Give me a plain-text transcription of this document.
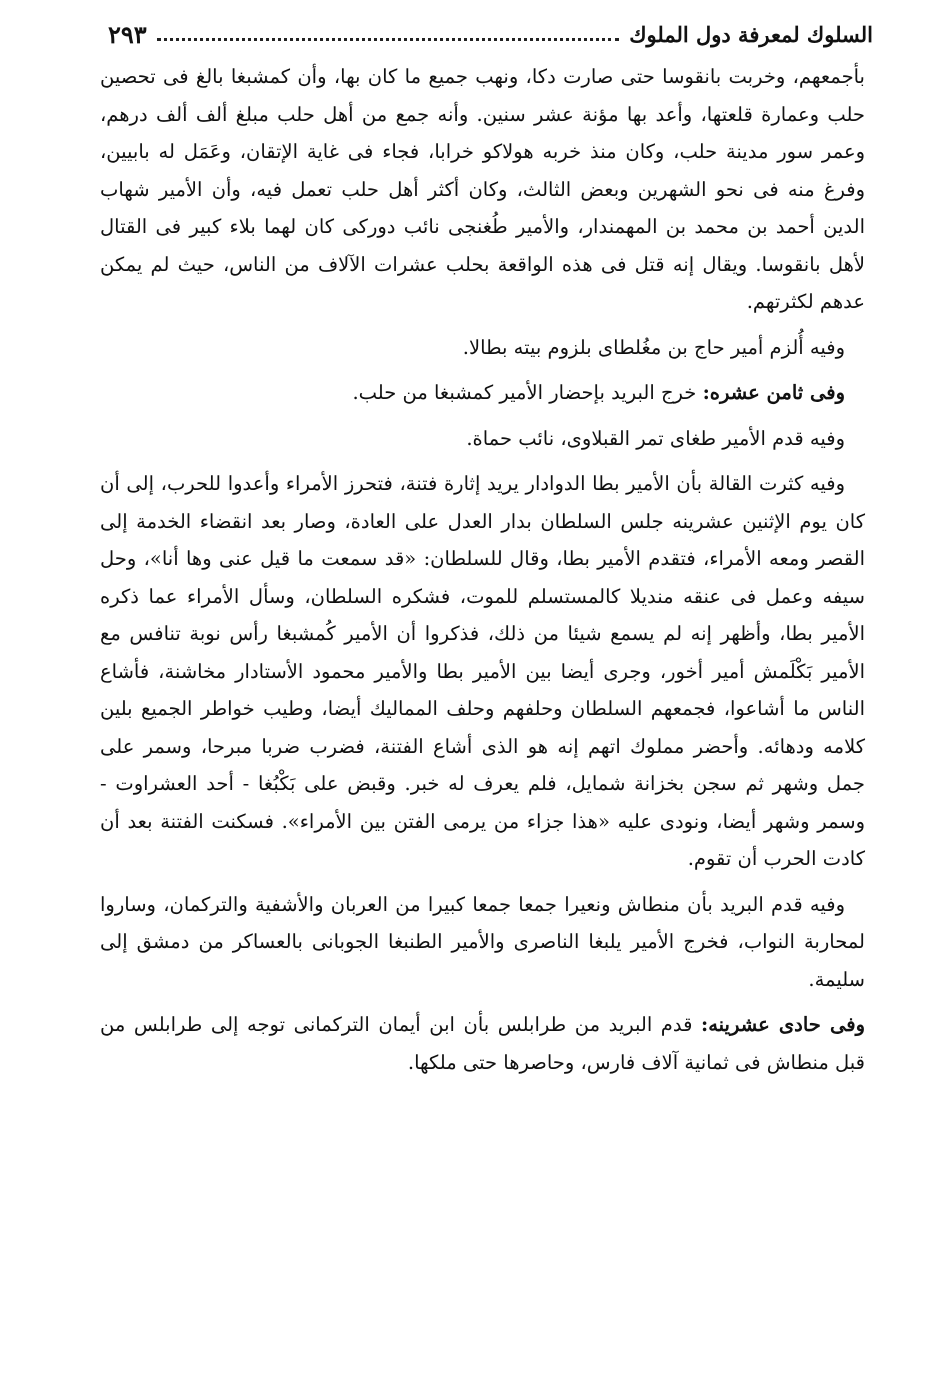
السلوك لمعرفة دول الملوك
٢٩٣

بأجمعهم، وخربت بانقوسا حتى صارت دكا، ونهب جميع ما كان بها، وأن كمشبغا بالغ فى تحصين حلب وعمارة قلعتها، وأعد بها مؤنة عشر سنين. وأنه جمع من أهل حلب مبلغ ألف ألف درهم، وعمر سور مدينة حلب، وكان منذ خربه هولاكو خرابا، فجاء فى غاية الإتقان، وعَمَل له بابيين، وفرغ منه فى نحو الشهرين وبعض الثالث، وكان أكثر أهل حلب تعمل فيه، وأن الأمير شهاب الدين أحمد بن محمد بن المهمندار، والأمير طُغنجى نائب دوركى كان لهما بلاء كبير فى القتال لأهل بانقوسا. ويقال إنه قتل فى هذه الواقعة بحلب عشرات الآلاف من الناس، حيث لم يمكن عدهم لكثرتهم.

وفيه أُلزم أمير حاج بن مغُلطاى بلزوم بيته بطالا.

وفى ثامن عشره: خرج البريد بإحضار الأمير كمشبغا من حلب.

وفيه قدم الأمير طغاى تمر القبلاوى، نائب حماة.

وفيه كثرت القالة بأن الأمير بطا الدوادار يريد إثارة فتنة، فتحرز الأمراء وأعدوا للحرب، إلى أن كان يوم الإثنين عشرينه جلس السلطان بدار العدل على العادة، وصار بعد انقضاء الخدمة إلى القصر ومعه الأمراء، فتقدم الأمير بطا، وقال للسلطان: «قد سمعت ما قيل عنى وها أنا»، وحل سيفه وعمل فى عنقه منديلا كالمستسلم للموت، فشكره السلطان، وسأل الأمراء عما ذكره الأمير بطا، وأظهر إنه لم يسمع شيئا من ذلك، فذكروا أن الأمير كُمشبغا رأس نوبة تنافس مع الأمير بَكْلَمش أمير أخور، وجرى أيضا بين الأمير بطا والأمير محمود الأستادار مخاشنة، فأشاع الناس ما أشاعوا، فجمعهم السلطان وحلفهم وحلف المماليك أيضا، وطيب خواطر الجميع بلين كلامه ودهائه. وأحضر مملوك اتهم إنه هو الذى أشاع الفتنة، فضرب ضربا مبرحا، وسمر على جمل وشهر ثم سجن بخزانة شمايل، فلم يعرف له خبر. وقبض على بَكْبُغا - أحد العشراوت - وسمر وشهر أيضا، ونودى عليه «هذا جزاء من يرمى الفتن بين الأمراء». فسكنت الفتنة بعد أن كادت الحرب أن تقوم.

وفيه قدم البريد بأن منطاش ونعيرا جمعا جمعا كبيرا من العربان والأشفية والتركمان، وساروا لمحاربة النواب، فخرج الأمير يلبغا الناصرى والأمير الطنبغا الجوبانى بالعساكر من دمشق إلى سليمة.

وفى حادى عشرينه: قدم البريد من طرابلس بأن ابن أيمان التركمانى توجه إلى طرابلس من قبل منطاش فى ثمانية آلاف فارس، وحاصرها حتى ملكها.
